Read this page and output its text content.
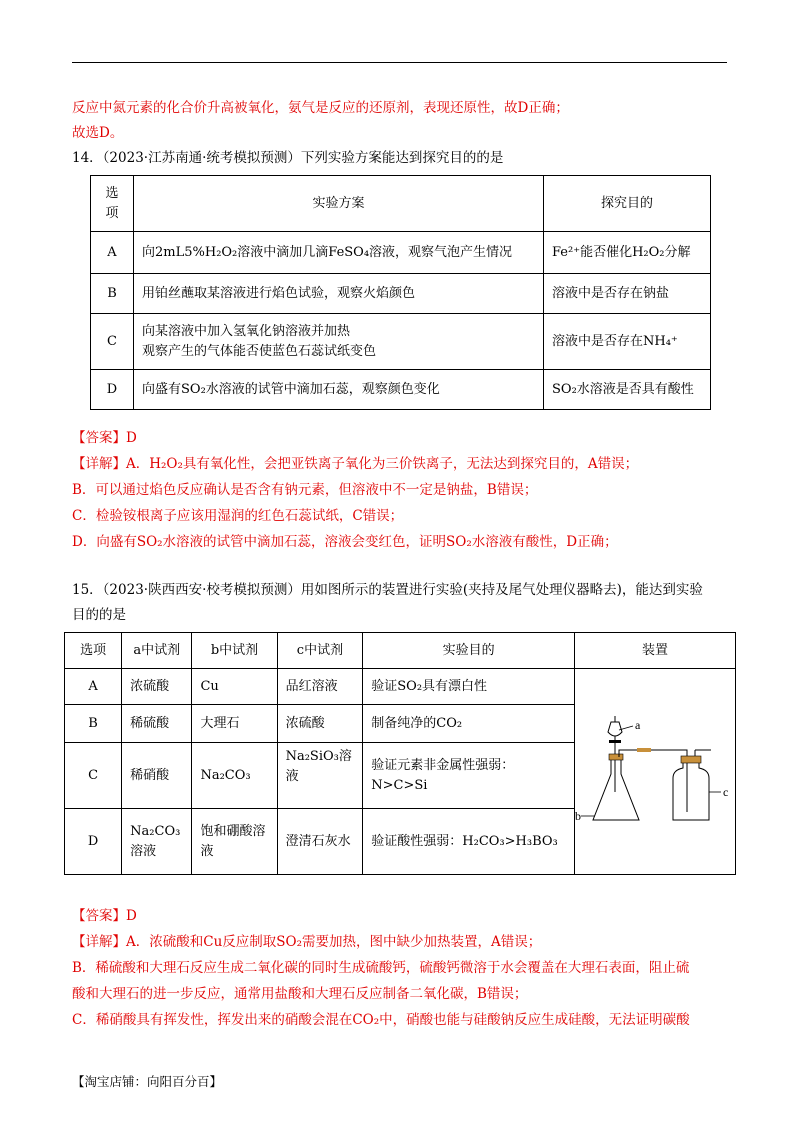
反应中氮元素的化合价升高被氧化，氨气是反应的还原剂，表现还原性，故D正确；
故选D。
14．（2023·江苏南通·统考模拟预测）下列实验方案能达到探究目的的是
选
项	实验方案	探究目的
A	向2mL5%H₂O₂溶液中滴加几滴FeSO₄溶液，观察气泡产生情况	Fe²⁺能否催化H₂O₂分解
B	用铂丝蘸取某溶液进行焰色试验，观察火焰颜色	溶液中是否存在钠盐
C	向某溶液中加入氢氧化钠溶液并加热
观察产生的气体能否使蓝色石蕊试纸变色	溶液中是否存在NH₄⁺
D	向盛有SO₂水溶液的试管中滴加石蕊，观察颜色变化	SO₂水溶液是否具有酸性
【答案】D
【详解】A．H₂O₂具有氧化性，会把亚铁离子氧化为三价铁离子，无法达到探究目的，A错误；
B．可以通过焰色反应确认是否含有钠元素，但溶液中不一定是钠盐，B错误；
C．检验铵根离子应该用湿润的红色石蕊试纸，C错误；
D．向盛有SO₂水溶液的试管中滴加石蕊，溶液会变红色，证明SO₂水溶液有酸性，D正确；
15．（2023·陕西西安·校考模拟预测）用如图所示的装置进行实验(夹持及尾气处理仪器略去)，能达到实验
目的的是
选项	a中试剂	b中试剂	c中试剂	实验目的	装置
A	浓硫酸	Cu	品红溶液	验证SO₂具有漂白性	a
b
c

B	稀硫酸	大理石	浓硫酸	制备纯净的CO₂	
C	稀硝酸	Na₂CO₃	Na₂SiO₃溶
液	验证元素非金属性强弱：
N>C>Si	
D	Na₂CO₃
溶液	饱和硼酸溶
液	澄清石灰水	验证酸性强弱：H₂CO₃>H₃BO₃	
【答案】D
【详解】A．浓硫酸和Cu反应制取SO₂需要加热，图中缺少加热装置，A错误；
B．稀硫酸和大理石反应生成二氧化碳的同时生成硫酸钙，硫酸钙微溶于水会覆盖在大理石表面，阻止硫
酸和大理石的进一步反应，通常用盐酸和大理石反应制备二氧化碳，B错误；
C．稀硝酸具有挥发性，挥发出来的硝酸会混在CO₂中，硝酸也能与硅酸钠反应生成硅酸，无法证明碳酸
【淘宝店铺：向阳百分百】
